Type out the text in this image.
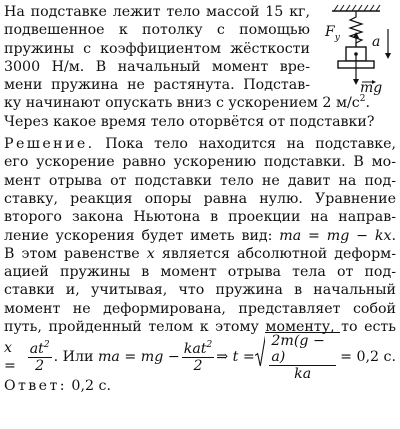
На подставке лежит тело массой 15 кг,
подвешенное к потолку с помощью
пружины с коэффициентом жёсткости
3000 Н/м. В начальный момент вре-
мени пружина не растянута. Подстав-
ку начинают опускать вниз с ускорением 2 $м/с^2$.
Через какое время тело оторвётся от подставки?
$F_y$ a
mg
Решение. Пока тело находится на подставке,
его ускорение равно ускорению подставки. В мо-
мент отрыва от подставки тело не давит на под-
ставку, реакция опоры равна нулю. Уравнение
второго закона Ньютона в проекции на направ-
ление ускорения будет иметь вид: ma = mg − kx.
В этом равенстве x является абсолютной деформ-
ацией пружины в момент отрыва тела от под-
ставки и, учитывая, что пружина в начальный
момент не деформирована, представляет собой
путь, пройденный телом к этому моменту, то есть
$x = \frac{at^2}{2}$ . Или ma = mg − $\frac{kat^2}{2}$ ⇒ $t = \frac{2m(g - a)}{ka} = 0,2$ с.
Ответ: 0,2 с.
